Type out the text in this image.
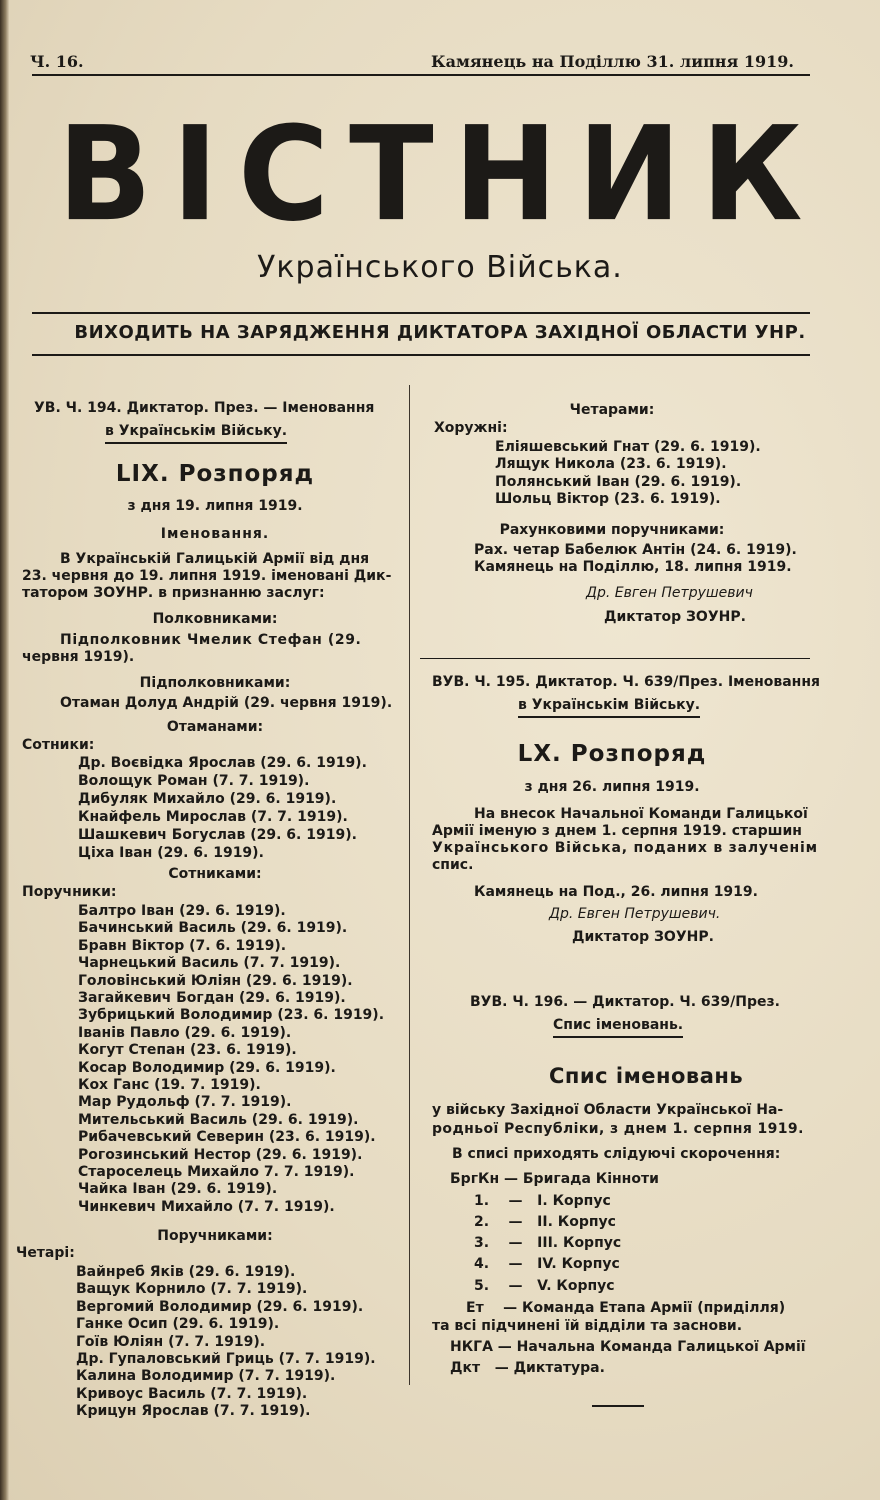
Ч. 16.	Камянець на Поділлю 31. липня 1919.
ВІСТНИК
Українського Війська.
ВИХОДИТЬ НА ЗАРЯДЖЕННЯ ДИКТАТОРА ЗАХІДНОЇ ОБЛАСТИ УНР.
УВ. Ч. 194. Диктатор. През. — Іменовання
в Українськім Війську.
LIX. Розпоряд
з дня 19. липня 1919.
Іменовання.
В Українській Галицькій Армії від дня
23. червня до 19. липня 1919. іменовані Дик-
татором ЗОУНР. в признанню заслуг:
Полковниками:
Підполковник Чмелик Стефан (29.
червня 1919).
Підполковниками:
Отаман Долуд Андрій (29. червня 1919).
Отаманами:
Сотники:
Др. Воєвідка Ярослав (29. 6. 1919).
Волощук Роман (7. 7. 1919).
Дибуляк Михайло (29. 6. 1919).
Кнайфель Мирослав (7. 7. 1919).
Шашкевич Богуслав (29. 6. 1919).
Ціха Іван (29. 6. 1919).
Сотниками:
Поручники:
Балтро Іван (29. 6. 1919).
Бачинський Василь (29. 6. 1919).
Бравн Віктор (7. 6. 1919).
Чарнецький Василь (7. 7. 1919).
Головінський Юліян (29. 6. 1919).
Загайкевич Богдан (29. 6. 1919).
Зубрицький Володимир (23. 6. 1919).
Іванів Павло (29. 6. 1919).
Когут Степан (23. 6. 1919).
Косар Володимир (29. 6. 1919).
Кох Ганс (19. 7. 1919).
Мар Рудольф (7. 7. 1919).
Мительський Василь (29. 6. 1919).
Рибачевський Северин (23. 6. 1919).
Рогозинський Нестор (29. 6. 1919).
Староселець Михайло 7. 7. 1919).
Чайка Іван (29. 6. 1919).
Чинкевич Михайло (7. 7. 1919).
Поручниками:
Четарі:
Вайнреб Яків (29. 6. 1919).
Ващук Корнило (7. 7. 1919).
Вергомий Володимир (29. 6. 1919).
Ганке Осип (29. 6. 1919).
Гоїв Юліян (7. 7. 1919).
Др. Гупаловський Гриць (7. 7. 1919).
Калина Володимир (7. 7. 1919).
Кривоус Василь (7. 7. 1919).
Крицун Ярослав (7. 7. 1919).
Четарами:
Хоружні:
Еліяшевський Гнат (29. 6. 1919).
Лящук Никола (23. 6. 1919).
Полянський Іван (29. 6. 1919).
Шольц Віктор (23. 6. 1919).
Рахунковими поручниками:
Рах. четар Бабелюк Антін (24. 6. 1919).
Камянець на Поділлю, 18. липня 1919.
Др. Евген Петрушевич
Диктатор ЗОУНР.
ВУВ. Ч. 195. Диктатор. Ч. 639/През. Іменовання
в Українськім Війську.
LX. Розпоряд
з дня 26. липня 1919.
На внесок Начальної Команди Галицької
Армії іменую з днем 1. серпня 1919. старшин
Українського Війська, поданих в залученім
спис.
Камянець на Под., 26. липня 1919.
Др. Евген Петрушевич.
Диктатор ЗОУНР.
ВУВ. Ч. 196. — Диктатор. Ч. 639/През.
Спис іменовань.
Спис іменовань
у війську Західної Области Української На-
родньої Республіки, з днем 1. серпня 1919.
В списі приходять слідуючі скорочення:
БргКн — Бригада Кінноти
1.    —   I. Корпус
2.    —   II. Корпус
3.    —   III. Корпус
4.    —   IV. Корпус
5.    —   V. Корпус
Ет    — Команда Етапа Армії (приділля)
та всі підчинені їй відділи та заснови.
НКГА — Начальна Команда Галицької Армії
Дкт   — Диктатура.
